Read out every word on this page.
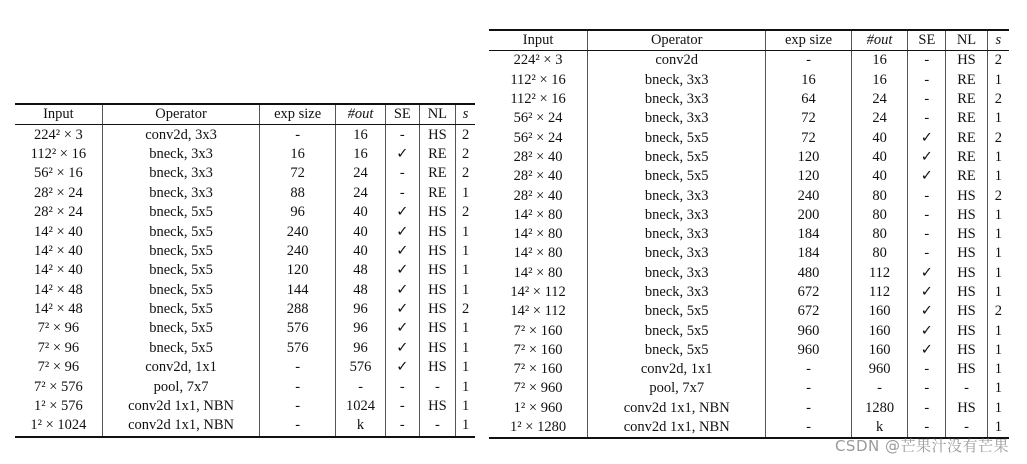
Input	Operator	exp size	#out	SE	NL	s
224² × 3	conv2d, 3x3	-	16	-	HS	2
112² × 16	bneck, 3x3	16	16	✓	RE	2
56² × 16	bneck, 3x3	72	24	-	RE	2
28² × 24	bneck, 3x3	88	24	-	RE	1
28² × 24	bneck, 5x5	96	40	✓	HS	2
14² × 40	bneck, 5x5	240	40	✓	HS	1
14² × 40	bneck, 5x5	240	40	✓	HS	1
14² × 40	bneck, 5x5	120	48	✓	HS	1
14² × 48	bneck, 5x5	144	48	✓	HS	1
14² × 48	bneck, 5x5	288	96	✓	HS	2
7² × 96	bneck, 5x5	576	96	✓	HS	1
7² × 96	bneck, 5x5	576	96	✓	HS	1
7² × 96	conv2d, 1x1	-	576	✓	HS	1
7² × 576	pool, 7x7	-	-	-	-	1
1² × 576	conv2d 1x1, NBN	-	1024	-	HS	1
1² × 1024	conv2d 1x1, NBN	-	k	-	-	1
Input	Operator	exp size	#out	SE	NL	s
224² × 3	conv2d	-	16	-	HS	2
112² × 16	bneck, 3x3	16	16	-	RE	1
112² × 16	bneck, 3x3	64	24	-	RE	2
56² × 24	bneck, 3x3	72	24	-	RE	1
56² × 24	bneck, 5x5	72	40	✓	RE	2
28² × 40	bneck, 5x5	120	40	✓	RE	1
28² × 40	bneck, 5x5	120	40	✓	RE	1
28² × 40	bneck, 3x3	240	80	-	HS	2
14² × 80	bneck, 3x3	200	80	-	HS	1
14² × 80	bneck, 3x3	184	80	-	HS	1
14² × 80	bneck, 3x3	184	80	-	HS	1
14² × 80	bneck, 3x3	480	112	✓	HS	1
14² × 112	bneck, 3x3	672	112	✓	HS	1
14² × 112	bneck, 5x5	672	160	✓	HS	2
7² × 160	bneck, 5x5	960	160	✓	HS	1
7² × 160	bneck, 5x5	960	160	✓	HS	1
7² × 160	conv2d, 1x1	-	960	-	HS	1
7² × 960	pool, 7x7	-	-	-	-	1
1² × 960	conv2d 1x1, NBN	-	1280	-	HS	1
1² × 1280	conv2d 1x1, NBN	-	k	-	-	1
CSDN @芒果汁没有芒果
